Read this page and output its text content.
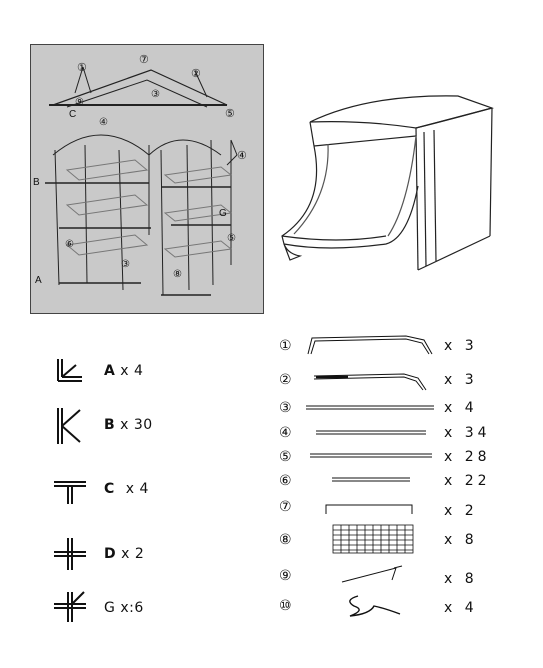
⑦
①	②
⑨
③
C	⑤
④
④
B
G
⑤
⑥
③
⑧
A
A x 4
B x 30
C x 4
D x 2
G x:6
①	x 3
②	x 3
③	x 4
④	x 34
⑤	x 28
⑥	x 22
⑦	x 2
⑧	x 8
⑨	x 8
⑩	x 4
